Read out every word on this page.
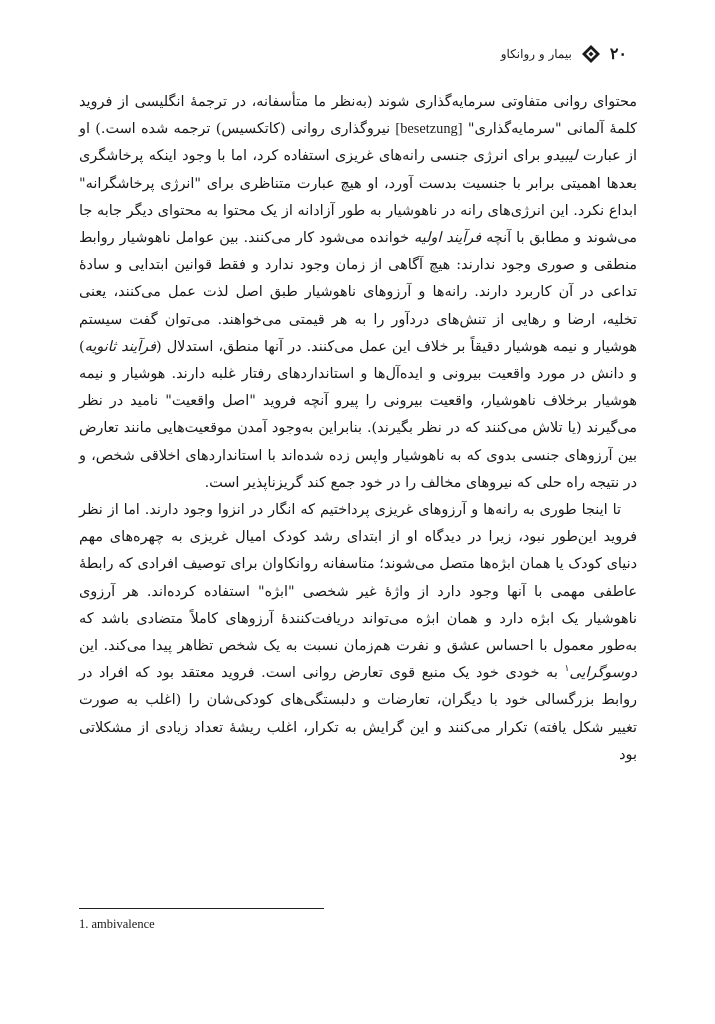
۲۰
بیمار و روانکاو

محتوای روانی متفاوتی سرمایه‌گذاری شوند (به‌نظر ما متأسفانه، در ترجمهٔ انگلیسی از فروید کلمهٔ آلمانی "سرمایه‌گذاری" [besetzung] نیروگذاری روانی (کاتکسیس) ترجمه شده است.) او از عبارت لیبیدو برای انرژی جنسی رانه‌های غریزی استفاده کرد، اما با وجود اینکه پرخاشگری بعدها اهمیتی برابر با جنسیت بدست آورد، او هیچ عبارت متناظری برای "انرژی پرخاشگرانه" ابداع نکرد. این انرژی‌های رانه در ناهوشیار به طور آزادانه از یک محتوا به محتوای دیگر جابه جا می‌شوند و مطابق با آنچه فرآیند اولیه خوانده می‌شود کار می‌کنند. بین عوامل ناهوشیار روابط منطقی و صوری وجود ندارند: هیچ آگاهی از زمان وجود ندارد و فقط قوانین ابتدایی و سادهٔ تداعی در آن کاربرد دارند. رانه‌ها و آرزوهای ناهوشیار طبق اصل لذت عمل می‌کنند، یعنی تخلیه، ارضا و رهایی از تنش‌های دردآور را به هر قیمتی می‌خواهند. می‌توان گفت سیستم هوشیار و نیمه هوشیار دقیقاً بر خلاف این عمل می‌کنند. در آنها منطق، استدلال (فرآیند ثانویه) و دانش در مورد واقعیت بیرونی و ایده‌آل‌ها و استانداردهای رفتار غلبه دارند. هوشیار و نیمه هوشیار برخلاف ناهوشیار، واقعیت بیرونی را پیرو آنچه فروید "اصل واقعیت" نامید در نظر می‌گیرند (یا تلاش می‌کنند که در نظر بگیرند). بنابراین به‌وجود آمدن موقعیت‌هایی مانند تعارض بین آرزوهای جنسی بدوی که به ناهوشیار واپس زده شده‌اند با استانداردهای اخلاقی شخص، و در نتیجه راه حلی که نیروهای مخالف را در خود جمع کند گریزناپذیر است.

تا اینجا طوری به رانه‌ها و آرزوهای غریزی پرداختیم که انگار در انزوا وجود دارند. اما از نظر فروید این‌طور نبود، زیرا در دیدگاه او از ابتدای رشد کودک امیال غریزی به چهره‌های مهم دنیای کودک یا همان ابژه‌ها متصل می‌شوند؛ متاسفانه روانکاوان برای توصیف افرادی که رابطهٔ عاطفی مهمی با آنها وجود دارد از واژهٔ غیر شخصی "ابژه" استفاده کرده‌اند. هر آرزوی ناهوشیار یک ابژه دارد و همان ابژه می‌تواند دریافت‌کنندهٔ آرزوهای کاملاً متضادی باشد که به‌طور معمول با احساس عشق و نفرت هم‌زمان نسبت به یک شخص تظاهر پیدا می‌کند. این دوسوگرایی$^۱$ به خودی خود یک منبع قوی تعارض روانی است. فروید معتقد بود که افراد در روابط بزرگسالی خود با دیگران، تعارضات و دلبستگی‌های کودکی‌شان را (اغلب به صورت تغییر شکل یافته) تکرار می‌کنند و این گرایش به تکرار، اغلب ریشهٔ تعداد زیادی از مشکلاتی بود

1. ambivalence
